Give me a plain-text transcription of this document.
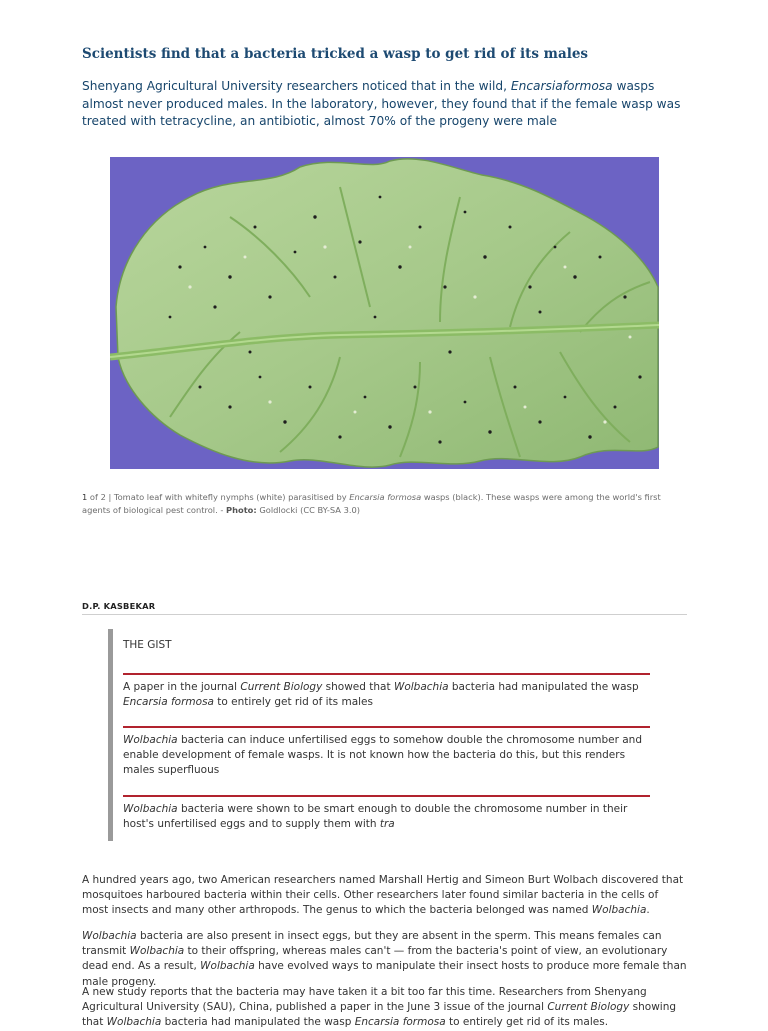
Scientists find that a bacteria tricked a wasp to get rid of its males

Shenyang Agricultural University researchers noticed that in the wild, Encarsiaformosa wasps almost never produced males. In the laboratory, however, they found that if the female wasp was treated with tetracycline, an antibiotic, almost 70% of the progeny were male

1 of 2 | Tomato leaf with whitefly nymphs (white) parasitised by Encarsia formosa wasps (black). These wasps were among the world's first agents of biological pest control. - Photo: Goldlocki (CC BY-SA 3.0)

D.P. KASBEKAR
THE GIST
A paper in the journal Current Biology showed that Wolbachia bacteria had manipulated the wasp Encarsia formosa to entirely get rid of its males
Wolbachia bacteria can induce unfertilised eggs to somehow double the chromosome number and enable development of female wasps. It is not known how the bacteria do this, but this renders males superfluous
Wolbachia bacteria were shown to be smart enough to double the chromosome number in their host's unfertilised eggs and to supply them with tra

A hundred years ago, two American researchers named Marshall Hertig and Simeon Burt Wolbach discovered that mosquitoes harboured bacteria within their cells. Other researchers later found similar bacteria in the cells of most insects and many other arthropods. The genus to which the bacteria belonged was named Wolbachia.

Wolbachia bacteria are also present in insect eggs, but they are absent in the sperm. This means females can transmit Wolbachia to their offspring, whereas males can't — from the bacteria's point of view, an evolutionary dead end. As a result, Wolbachia have evolved ways to manipulate their insect hosts to produce more female than male progeny.

A new study reports that the bacteria may have taken it a bit too far this time. Researchers from Shenyang Agricultural University (SAU), China, published a paper in the June 3 issue of the journal Current Biology showing that Wolbachia bacteria had manipulated the wasp Encarsia formosa to entirely get rid of its males.
